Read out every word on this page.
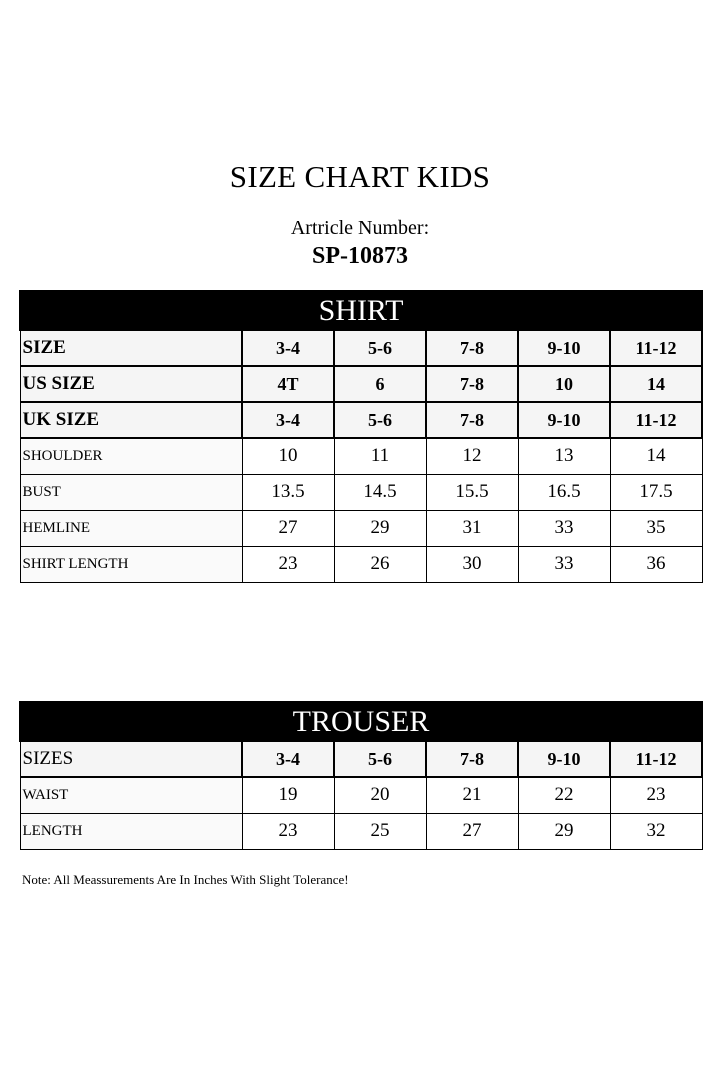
SIZE CHART KIDS
Artricle Number:
SP-10873
SHIRT					
SIZE	3-4	5-6	7-8	9-10	11-12
US SIZE	4T	6	7-8	10	14
UK SIZE	3-4	5-6	7-8	9-10	11-12
SHOULDER	10	11	12	13	14
BUST	13.5	14.5	15.5	16.5	17.5
HEMLINE	27	29	31	33	35
SHIRT LENGTH	23	26	30	33	36
TROUSER					
SIZES	3-4	5-6	7-8	9-10	11-12
WAIST	19	20	21	22	23
LENGTH	23	25	27	29	32
Note: All Meassurements Are In Inches With Slight Tolerance!
